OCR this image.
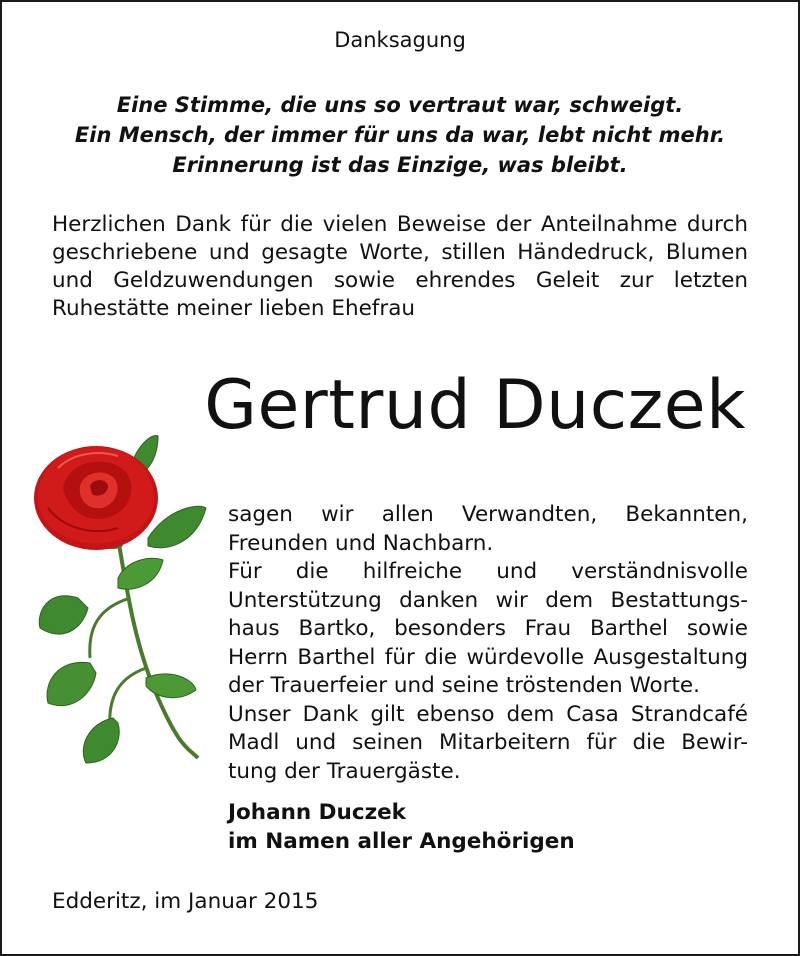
Danksagung
Eine Stimme, die uns so vertraut war, schweigt.
Ein Mensch, der immer für uns da war, lebt nicht mehr.
Erinnerung ist das Einzige, was bleibt.
Herzlichen Dank für die vielen Beweise der Anteilnahme durch
geschriebene und gesagte Worte, stillen Händedruck, Blumen
und Geldzuwendungen sowie ehrendes Geleit zur letzten
Ruhestätte meiner lieben Ehefrau
Gertrud Duczek
sagen wir allen Verwandten, Bekannten,
Freunden und Nachbarn.
Für die hilfreiche und verständnisvolle
Unterstützung danken wir dem Bestattungs-
haus Bartko, besonders Frau Barthel sowie
Herrn Barthel für die würdevolle Ausgestaltung
der Trauerfeier und seine tröstenden Worte.
Unser Dank gilt ebenso dem Casa Strandcafé
Madl und seinen Mitarbeitern für die Bewir-
tung der Trauergäste.
Johann Duczek
im Namen aller Angehörigen
Edderitz, im Januar 2015
